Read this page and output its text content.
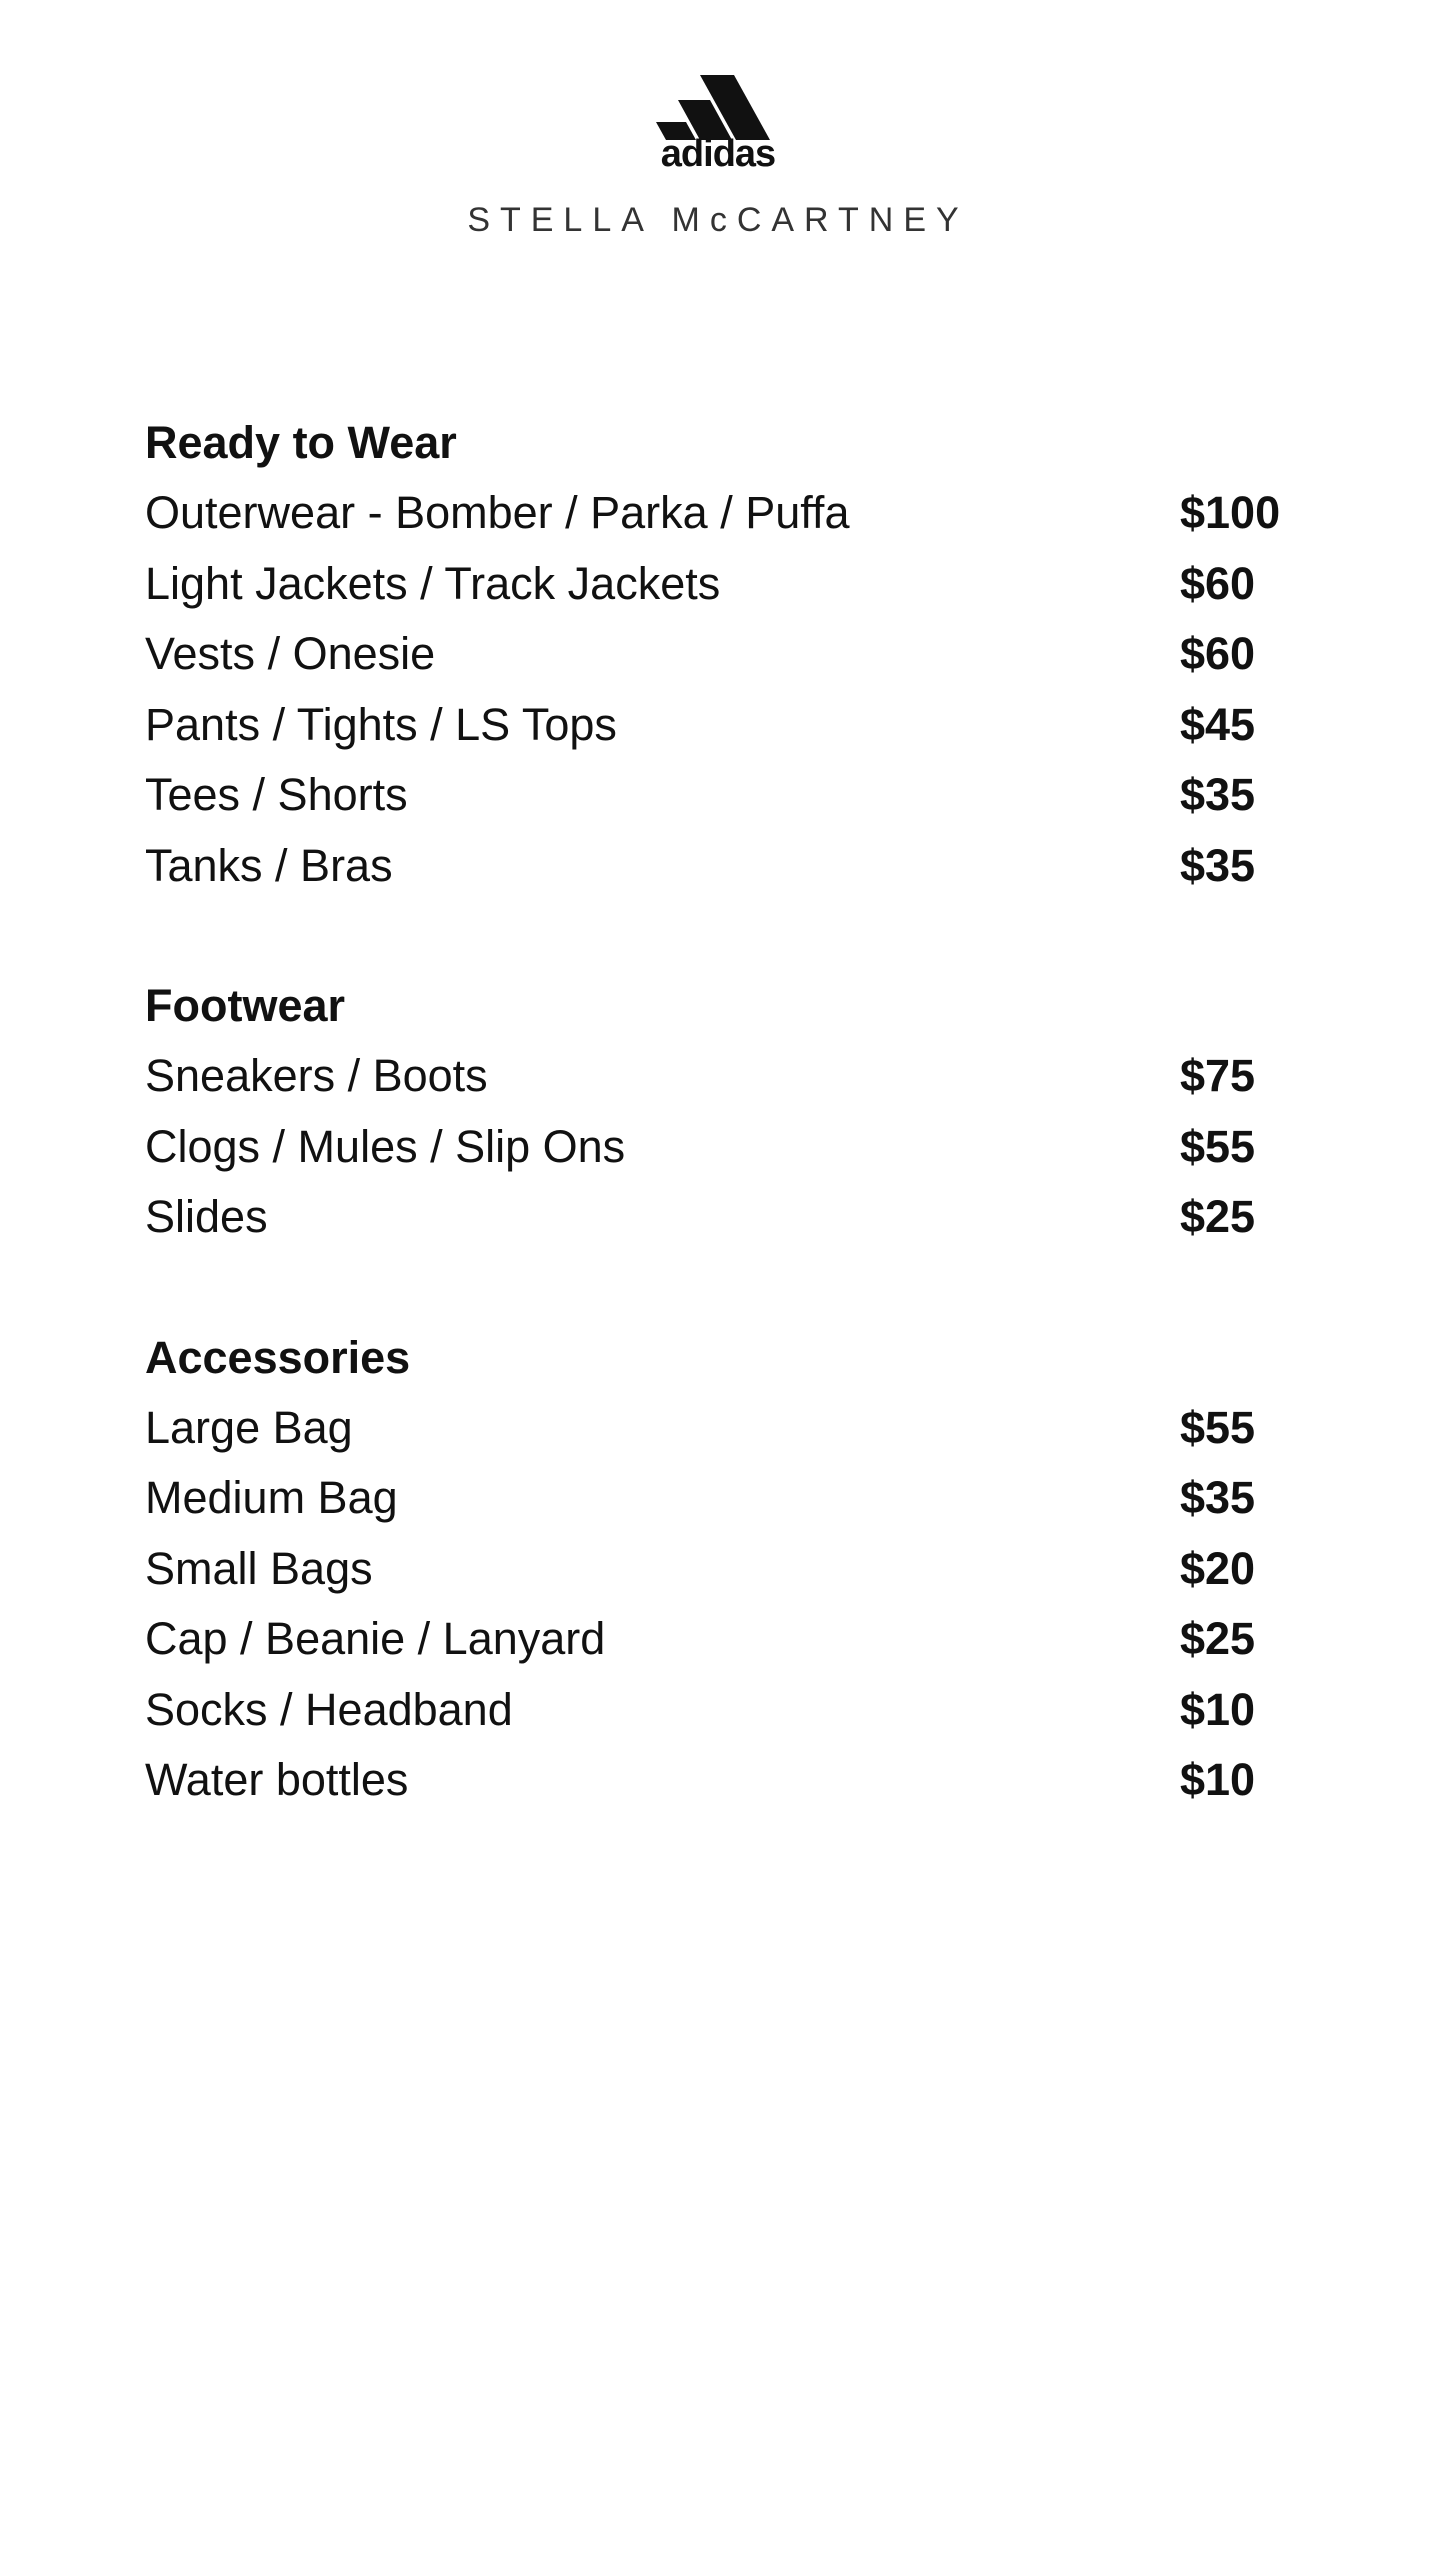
adidas
STELLA McCARTNEY
Ready to Wear
Outerwear - Bomber / Parka / Puffa	$100
Light Jackets / Track Jackets	$60
Vests / Onesie	$60
Pants / Tights / LS Tops	$45
Tees / Shorts	$35
Tanks / Bras	$35
Footwear
Sneakers / Boots	$75
Clogs / Mules / Slip Ons	$55
Slides	$25
Accessories
Large Bag	$55
Medium Bag	$35
Small Bags	$20
Cap / Beanie / Lanyard	$25
Socks / Headband	$10
Water bottles	$10
